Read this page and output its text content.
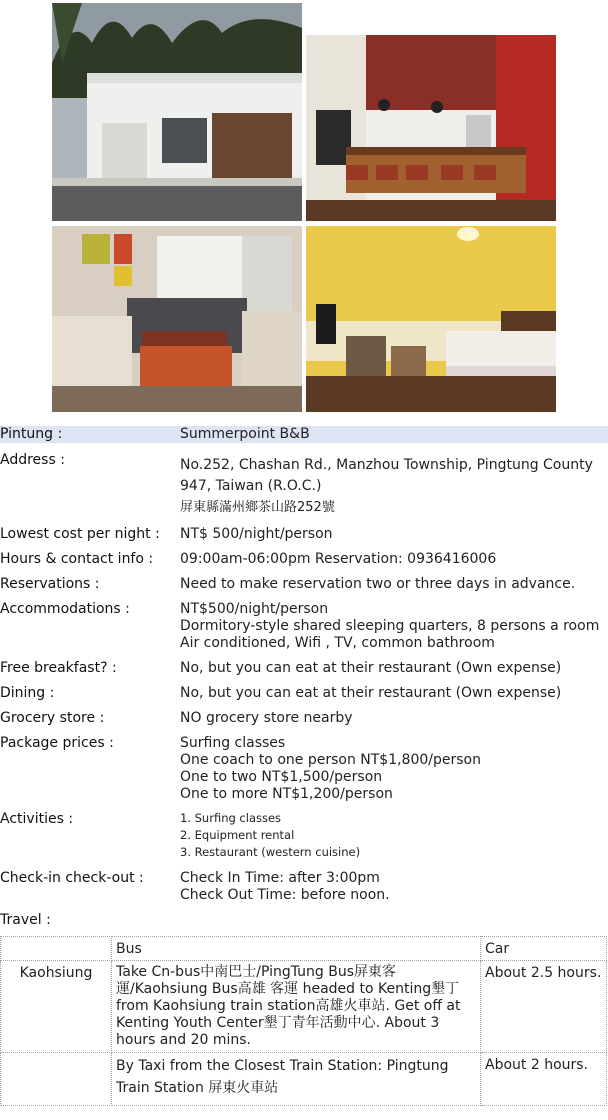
Pintung :	Summerpoint B&B
Address :	No.252, Chashan Rd., Manzhou Township, Pingtung County
947, Taiwan (R.O.C.)
屏東縣滿州鄉茶山路252號
Lowest cost per night : NT$ 500/night/person
Hours & contact info : 09:00am-06:00pm Reservation: 0936416006
Reservations :	Need to make reservation two or three days in advance.
Accommodations :	NT$500/night/person
Dormitory-style shared sleeping quarters, 8 persons a room
Air conditioned, Wifi , TV, common bathroom
Free breakfast? :	No, but you can eat at their restaurant (Own expense)
Dining :	No, but you can eat at their restaurant (Own expense)
Grocery store :	NO grocery store nearby
Package prices :	Surfing classes
One coach to one person NT$1,800/person
One to two NT$1,500/person
One to more NT$1,200/person
Activities :	1. Surfing classes
2. Equipment rental
3. Restaurant (western cuisine)
Check-in check-out :	Check In Time: after 3:00pm
Check Out Time: before noon.
Travel :
	Bus	Car
Kaohsiung	Take Cn-bus中南巴士/PingTung Bus屏東客
運/Kaohsiung Bus高雄 客運 headed to Kenting墾丁
from Kaohsiung train station高雄火車站. Get off at
Kenting Youth Center墾丁青年活動中心. About 3
hours and 20 mins.	About 2.5 hours.

	By Taxi from the Closest Train Station: Pingtung
Train Station 屏東火車站	About 2 hours.
